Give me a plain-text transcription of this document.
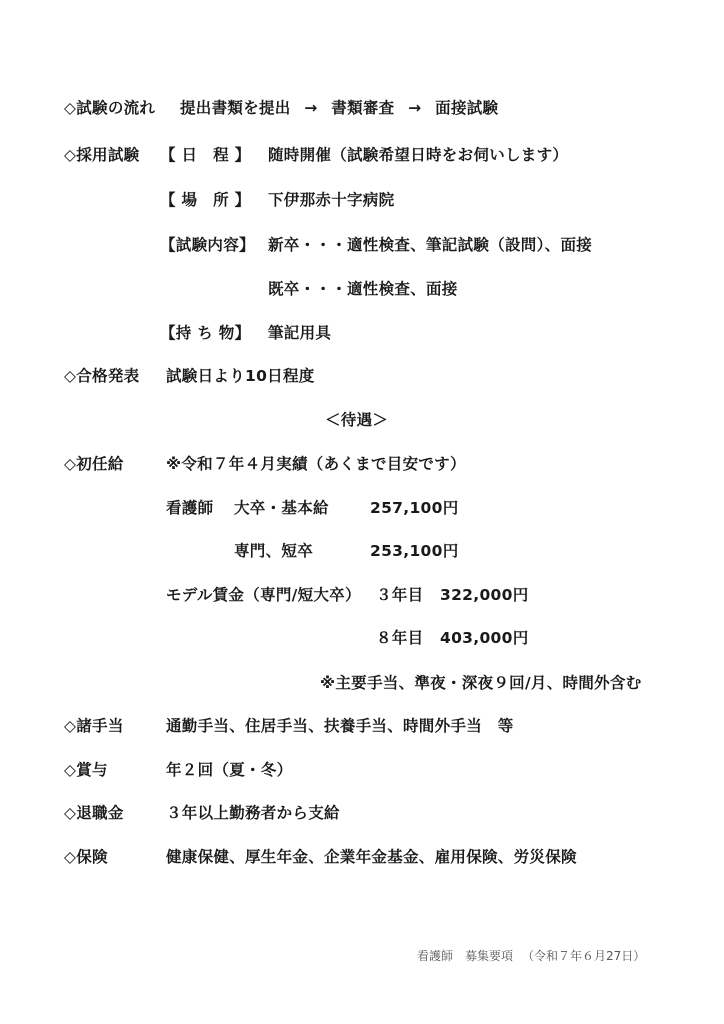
◇試験の流れ 提出書類を提出 → 書類審査 → 面接試験
◇採用試験 【 日　程 】 随時開催（試験希望日時をお伺いします）
【 場　所 】 下伊那赤十字病院
【試験内容】 新卒・・・適性検査、筆記試験（設問）、面接
既卒・・・適性検査、面接
【持 ち 物】 筆記用具
◇合格発表 試験日より10日程度
＜待遇＞
◇初任給	※令和７年４月実績（あくまで目安です）
看護師 大卒・基本給	257,100円
専門、短卒	253,100円
モデル賃金（専門/短大卒） ３年目 322,000円
８年目 403,000円
※主要手当、準夜・深夜９回/月、時間外含む
◇諸手当	通勤手当、住居手当、扶養手当、時間外手当　等
◇賞与	年２回（夏・冬）
◇退職金	３年以上勤務者から支給
◇保険	健康保健、厚生年金、企業年金基金、雇用保険、労災保険
看護師　募集要項 （令和７年６月27日）
